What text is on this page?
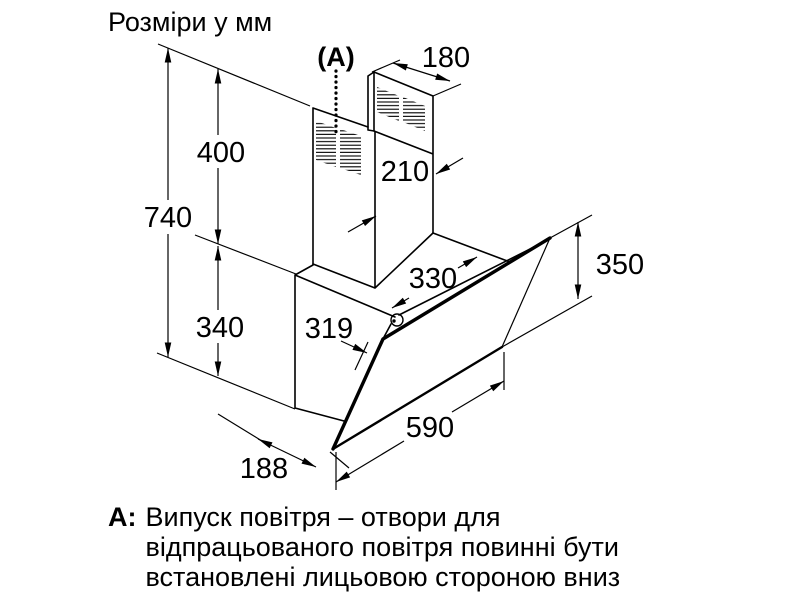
Розміри у мм
(A)
740
400
340
180
210
330
319
350
590
188
A: Випуск повітря – отвори для
відпрацьованого повітря повинні бути
встановлені лицьовою стороною вниз
